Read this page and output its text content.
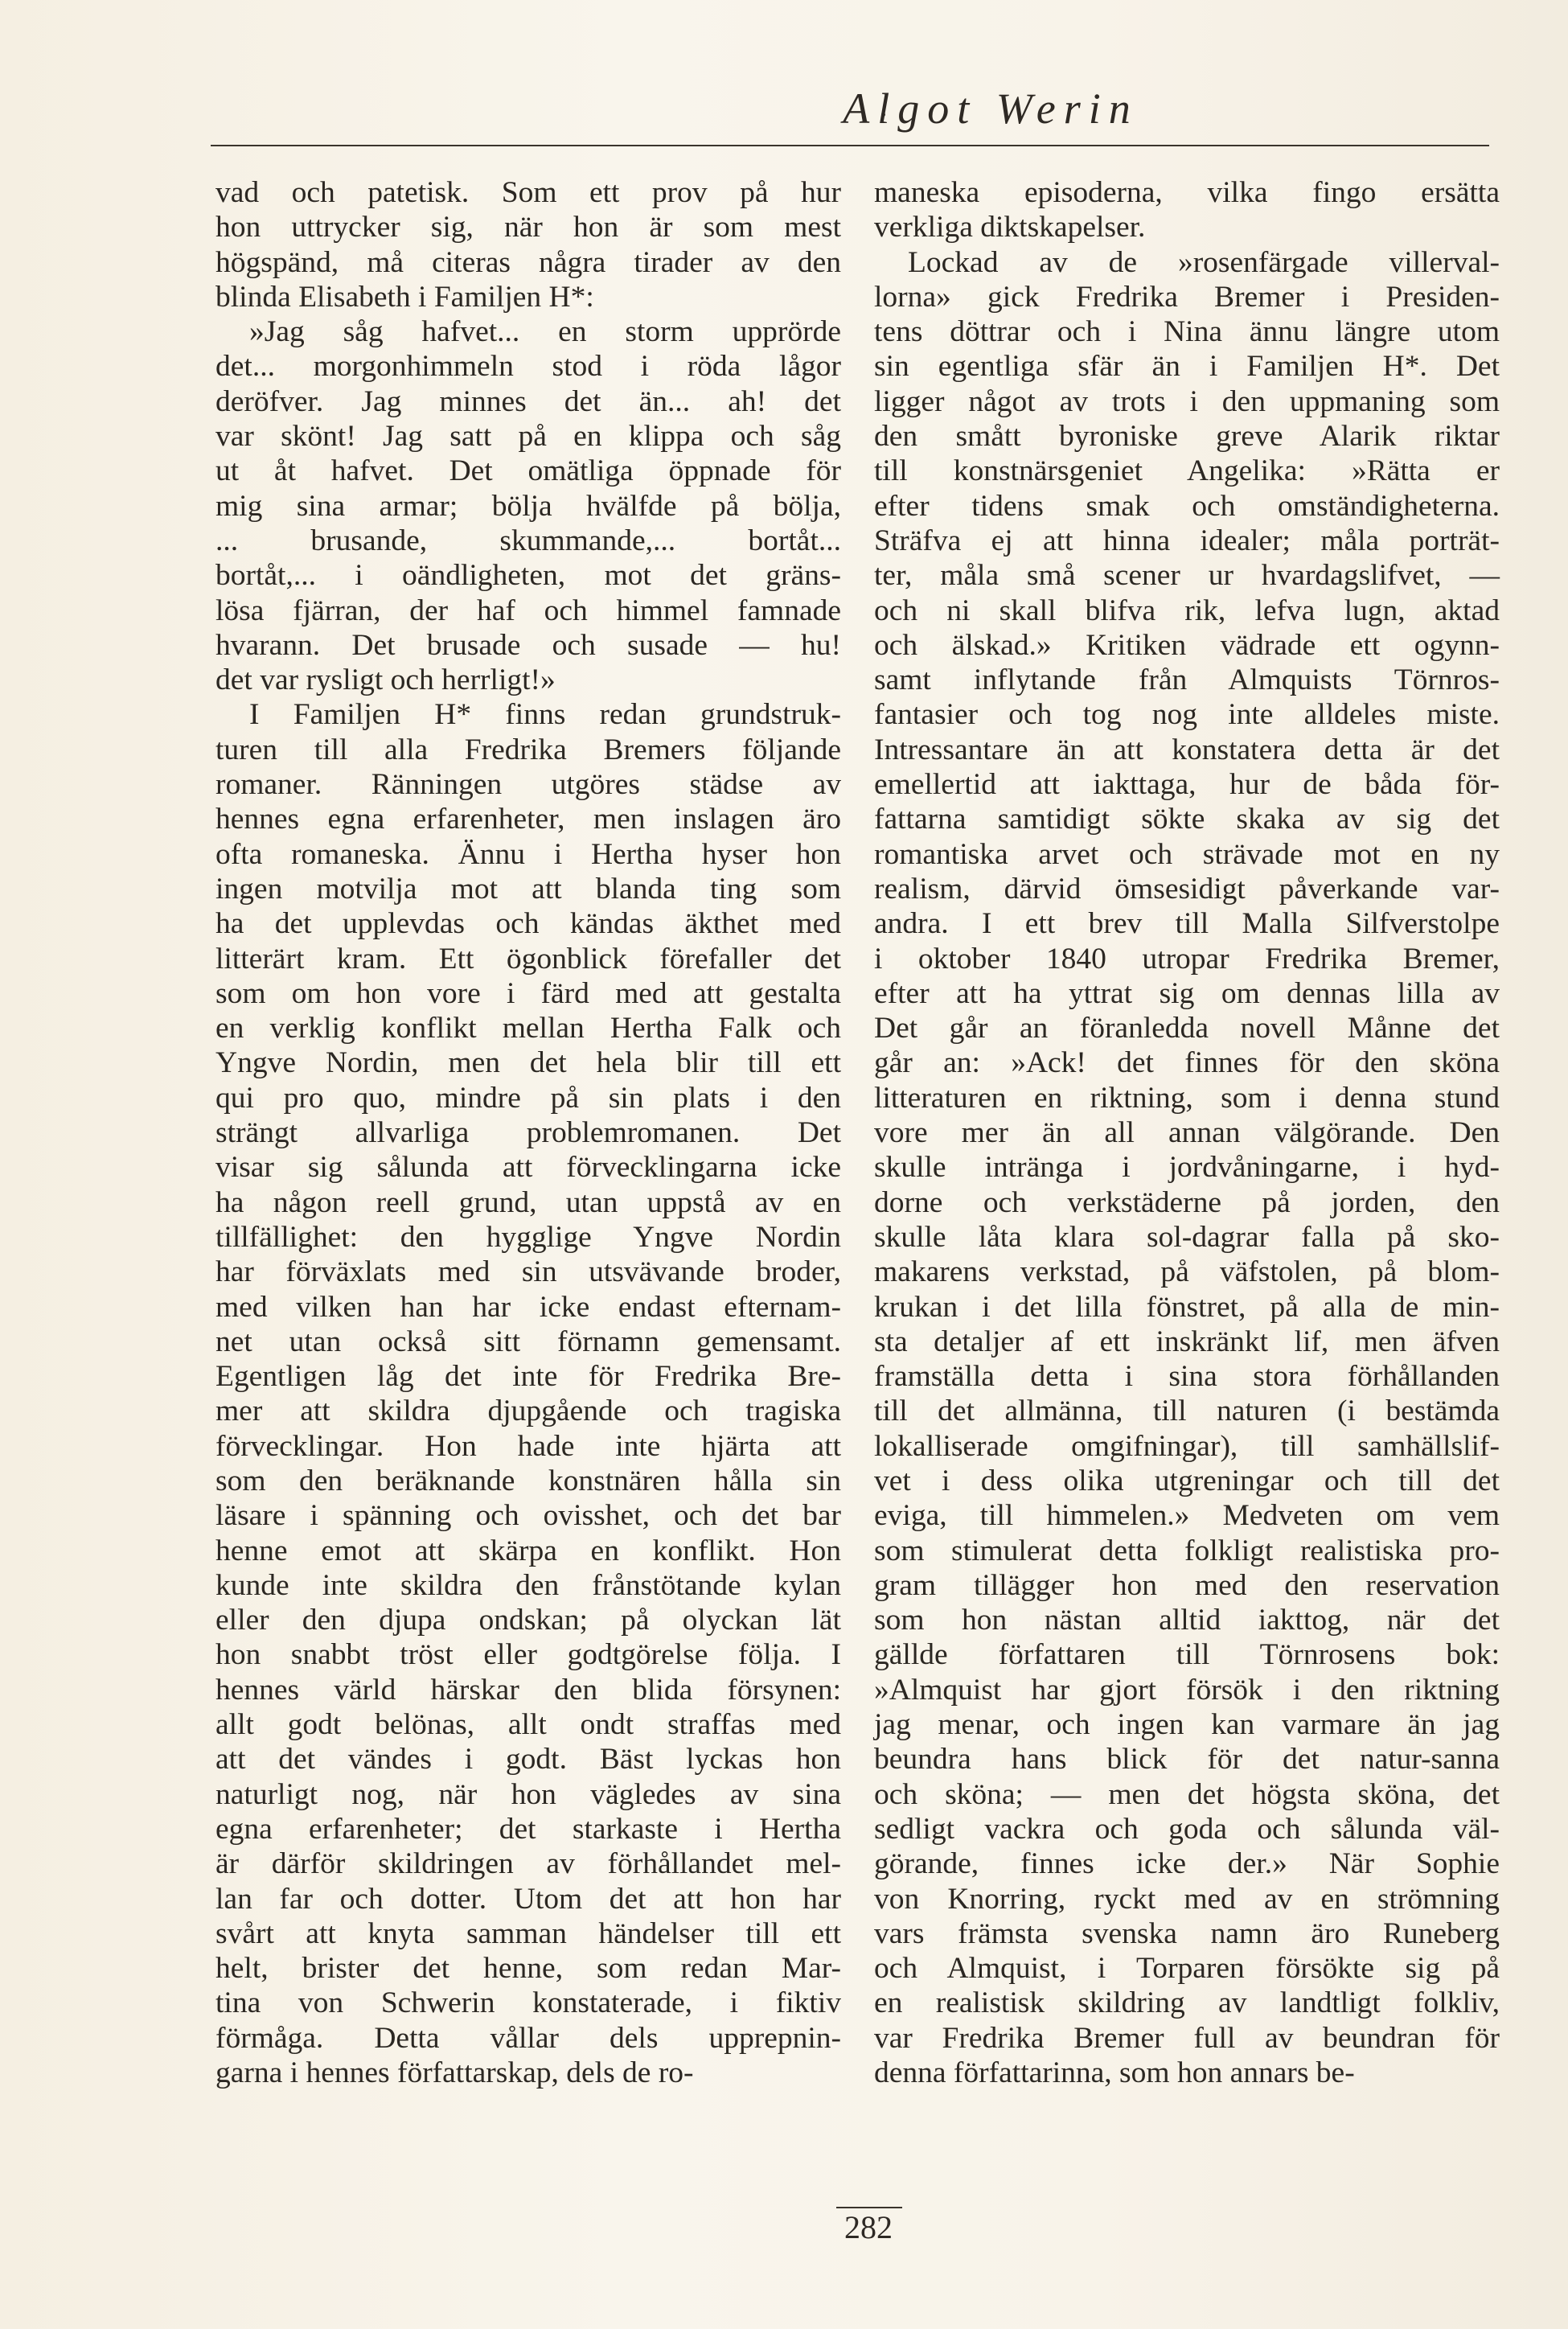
Algot Werin
vad och patetisk. Som ett prov på hur
hon uttrycker sig, när hon är som mest
högspänd, må citeras några tirader av den
blinda Elisabeth i Familjen H*:
»Jag såg hafvet... en storm upprörde
det... morgonhimmeln stod i röda lågor
deröfver. Jag minnes det än... ah! det
var skönt! Jag satt på en klippa och såg
ut åt hafvet. Det omätliga öppnade för
mig sina armar; bölja hvälfde på bölja,
... brusande, skummande,... bortåt...
bortåt,... i oändligheten, mot det gräns-
lösa fjärran, der haf och himmel famnade
hvarann. Det brusade och susade — hu!
det var rysligt och herrligt!»
I Familjen H* finns redan grundstruk-
turen till alla Fredrika Bremers följande
romaner. Ränningen utgöres städse av
hennes egna erfarenheter, men inslagen äro
ofta romaneska. Ännu i Hertha hyser hon
ingen motvilja mot att blanda ting som
ha det upplevdas och kändas äkthet med
litterärt kram. Ett ögonblick förefaller det
som om hon vore i färd med att gestalta
en verklig konflikt mellan Hertha Falk och
Yngve Nordin, men det hela blir till ett
qui pro quo, mindre på sin plats i den
strängt allvarliga problemromanen. Det
visar sig sålunda att förvecklingarna icke
ha någon reell grund, utan uppstå av en
tillfällighet: den hygglige Yngve Nordin
har förväxlats med sin utsvävande broder,
med vilken han har icke endast efternam-
net utan också sitt förnamn gemensamt.
Egentligen låg det inte för Fredrika Bre-
mer att skildra djupgående och tragiska
förvecklingar. Hon hade inte hjärta att
som den beräknande konstnären hålla sin
läsare i spänning och ovisshet, och det bar
henne emot att skärpa en konflikt. Hon
kunde inte skildra den frånstötande kylan
eller den djupa ondskan; på olyckan lät
hon snabbt tröst eller godtgörelse följa. I
hennes värld härskar den blida försynen:
allt godt belönas, allt ondt straffas med
att det vändes i godt. Bäst lyckas hon
naturligt nog, när hon vägledes av sina
egna erfarenheter; det starkaste i Hertha
är därför skildringen av förhållandet mel-
lan far och dotter. Utom det att hon har
svårt att knyta samman händelser till ett
helt, brister det henne, som redan Mar-
tina von Schwerin konstaterade, i fiktiv
förmåga. Detta vållar dels upprepnin-
garna i hennes författarskap, dels de ro-
maneska episoderna, vilka fingo ersätta
verkliga diktskapelser.
Lockad av de »rosenfärgade villerval-
lorna» gick Fredrika Bremer i Presiden-
tens döttrar och i Nina ännu längre utom
sin egentliga sfär än i Familjen H*. Det
ligger något av trots i den uppmaning som
den smått byroniske greve Alarik riktar
till konstnärsgeniet Angelika: »Rätta er
efter tidens smak och omständigheterna.
Sträfva ej att hinna idealer; måla porträt-
ter, måla små scener ur hvardagslifvet, —
och ni skall blifva rik, lefva lugn, aktad
och älskad.» Kritiken vädrade ett ogynn-
samt inflytande från Almquists Törnros-
fantasier och tog nog inte alldeles miste.
Intressantare än att konstatera detta är det
emellertid att iakttaga, hur de båda för-
fattarna samtidigt sökte skaka av sig det
romantiska arvet och strävade mot en ny
realism, därvid ömsesidigt påverkande var-
andra. I ett brev till Malla Silfverstolpe
i oktober 1840 utropar Fredrika Bremer,
efter att ha yttrat sig om dennas lilla av
Det går an föranledda novell Månne det
går an: »Ack! det finnes för den sköna
litteraturen en riktning, som i denna stund
vore mer än all annan välgörande. Den
skulle intränga i jordvåningarne, i hyd-
dorne och verkstäderne på jorden, den
skulle låta klara sol-dagrar falla på sko-
makarens verkstad, på väfstolen, på blom-
krukan i det lilla fönstret, på alla de min-
sta detaljer af ett inskränkt lif, men äfven
framställa detta i sina stora förhållanden
till det allmänna, till naturen (i bestämda
lokalliserade omgifningar), till samhällslif-
vet i dess olika utgreningar och till det
eviga, till himmelen.» Medveten om vem
som stimulerat detta folkligt realistiska pro-
gram tillägger hon med den reservation
som hon nästan alltid iakttog, när det
gällde författaren till Törnrosens bok:
»Almquist har gjort försök i den riktning
jag menar, och ingen kan varmare än jag
beundra hans blick för det natur-sanna
och sköna; — men det högsta sköna, det
sedligt vackra och goda och sålunda väl-
görande, finnes icke der.» När Sophie
von Knorring, ryckt med av en strömning
vars främsta svenska namn äro Runeberg
och Almquist, i Torparen försökte sig på
en realistisk skildring av landtligt folkliv,
var Fredrika Bremer full av beundran för
denna författarinna, som hon annars be-
282
